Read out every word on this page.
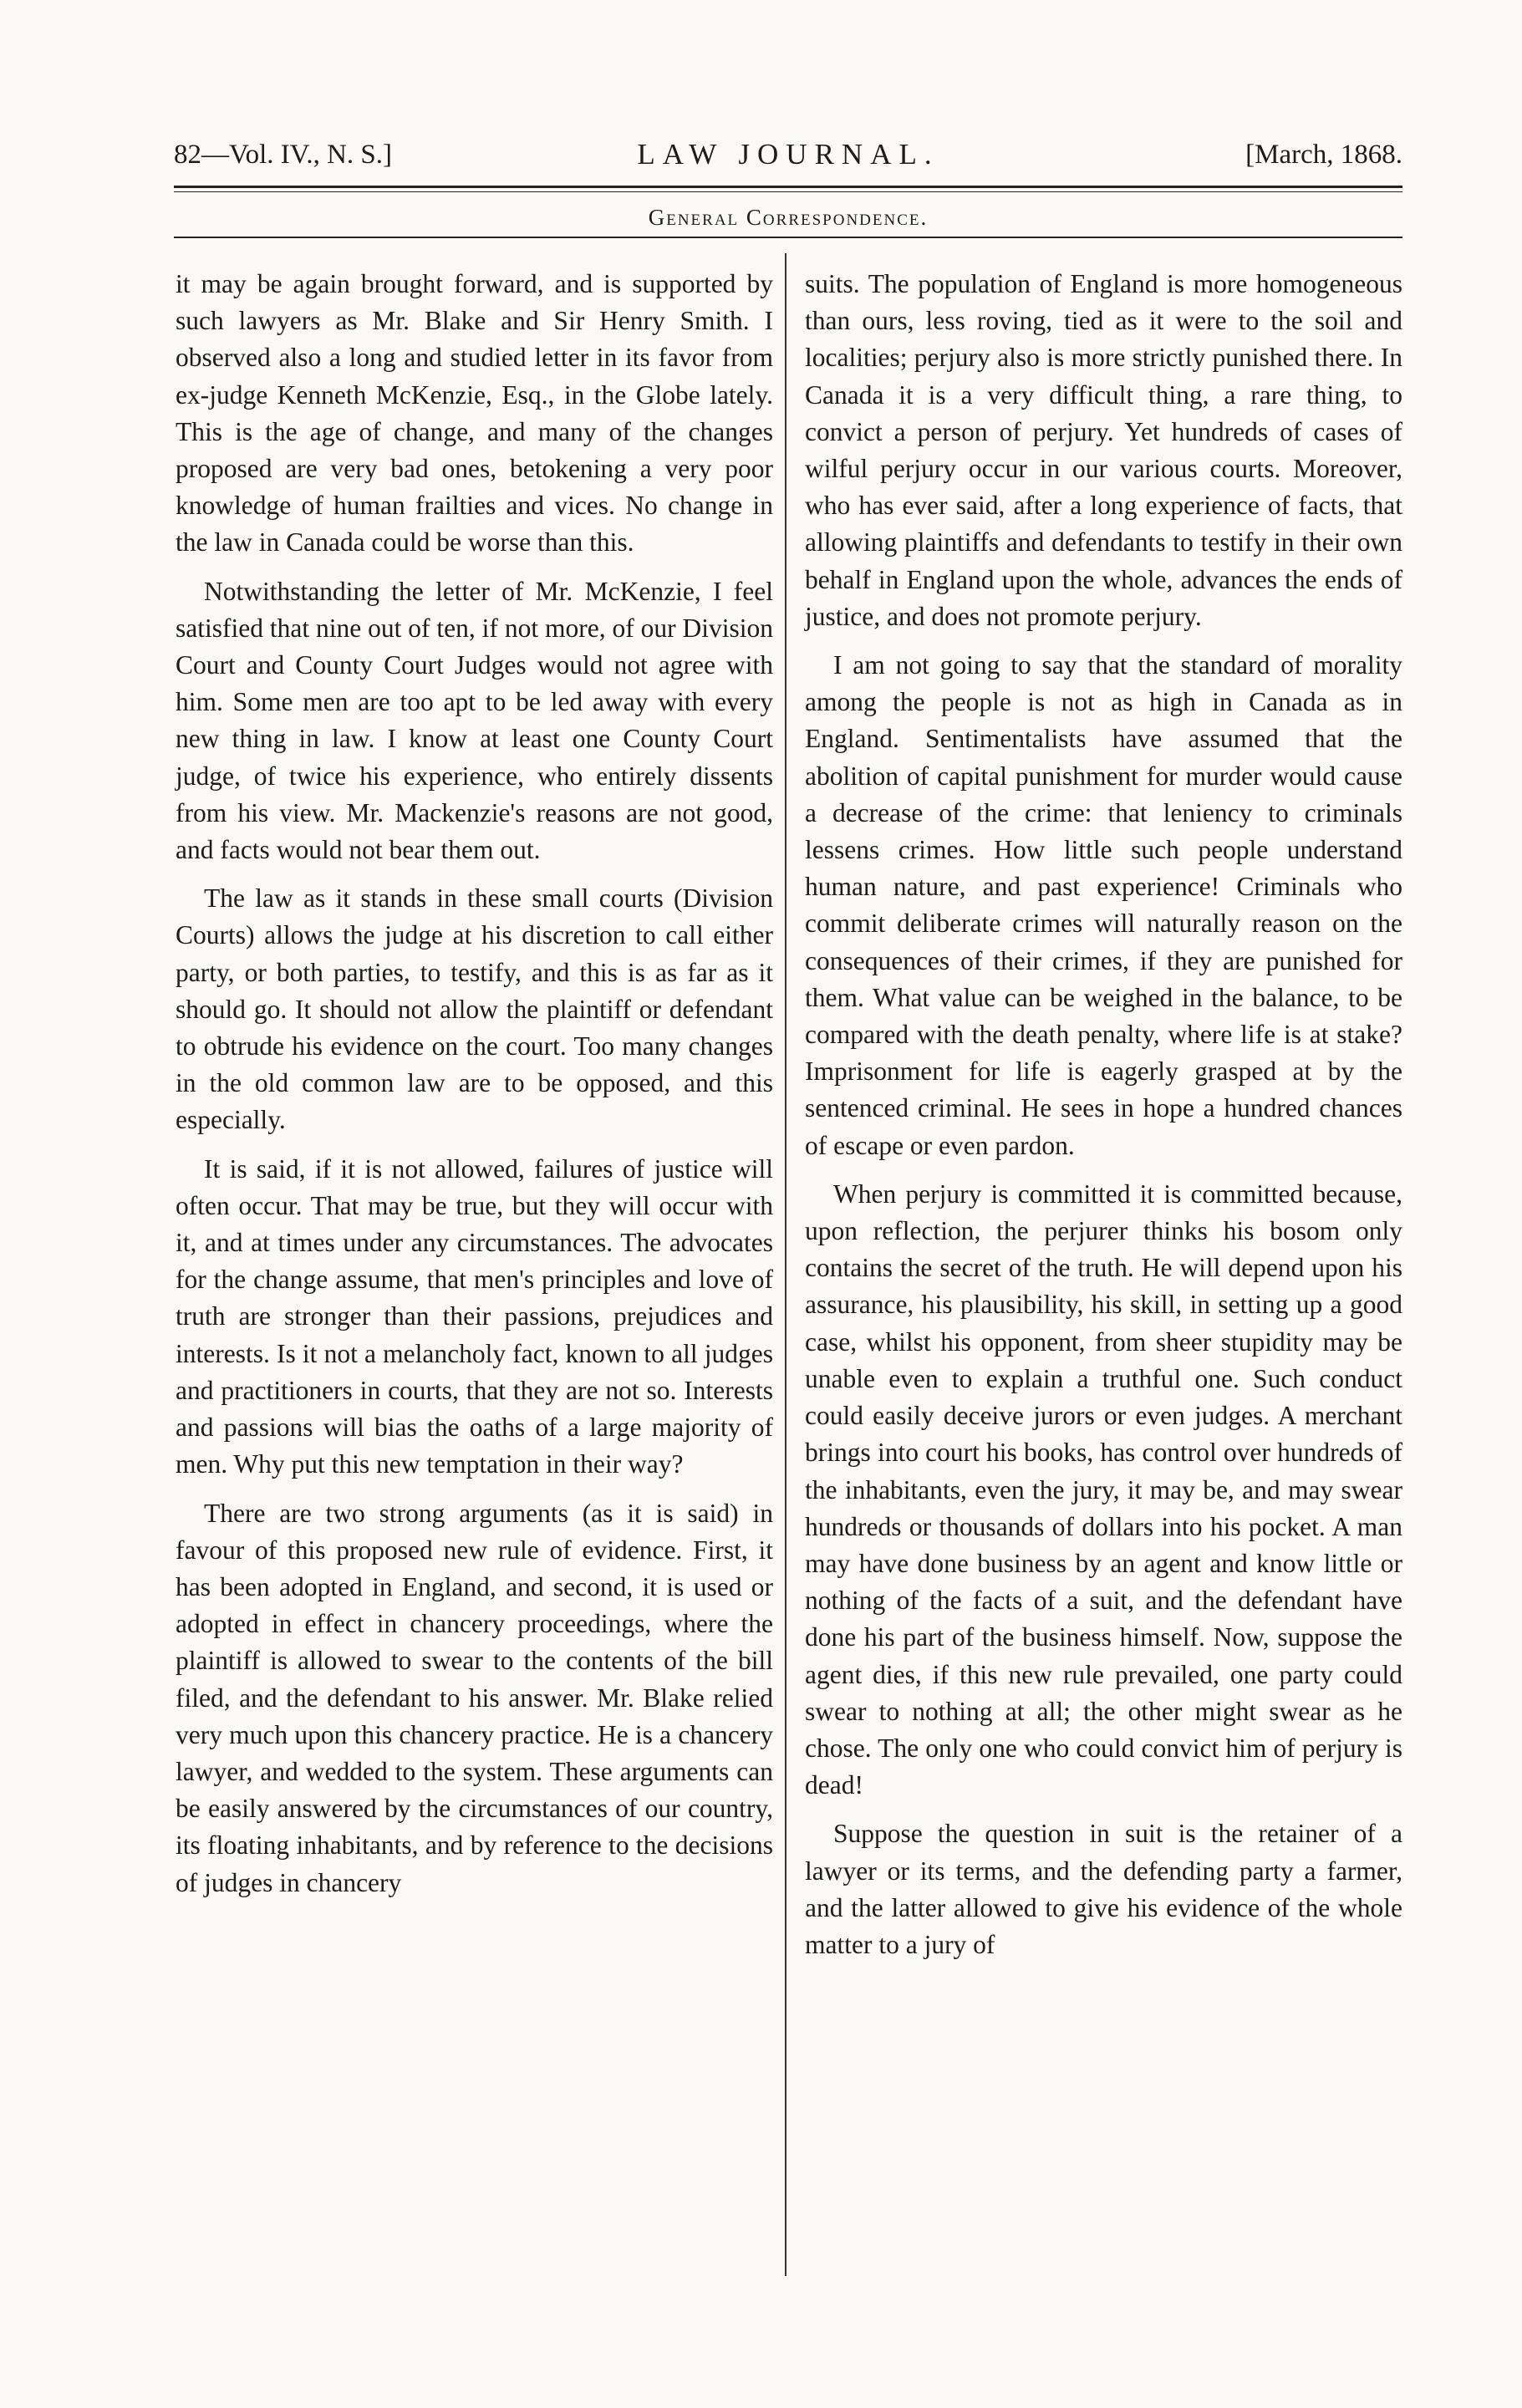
82—Vol. IV., N. S.]	LAW JOURNAL.	[March, 1868.
General Correspondence.

it may be again brought forward, and is supported by such lawyers as Mr. Blake and Sir Henry Smith. I observed also a long and studied letter in its favor from ex-judge Kenneth McKenzie, Esq., in the Globe lately. This is the age of change, and many of the changes proposed are very bad ones, betokening a very poor knowledge of human frailties and vices. No change in the law in Canada could be worse than this.

Notwithstanding the letter of Mr. McKenzie, I feel satisfied that nine out of ten, if not more, of our Division Court and County Court Judges would not agree with him. Some men are too apt to be led away with every new thing in law. I know at least one County Court judge, of twice his experience, who entirely dissents from his view. Mr. Mackenzie's reasons are not good, and facts would not bear them out.

The law as it stands in these small courts (Division Courts) allows the judge at his discretion to call either party, or both parties, to testify, and this is as far as it should go. It should not allow the plaintiff or defendant to obtrude his evidence on the court. Too many changes in the old common law are to be opposed, and this especially.

It is said, if it is not allowed, failures of justice will often occur. That may be true, but they will occur with it, and at times under any circumstances. The advocates for the change assume, that men's principles and love of truth are stronger than their passions, prejudices and interests. Is it not a melancholy fact, known to all judges and practitioners in courts, that they are not so. Interests and passions will bias the oaths of a large majority of men. Why put this new temptation in their way?

There are two strong arguments (as it is said) in favour of this proposed new rule of evidence. First, it has been adopted in England, and second, it is used or adopted in effect in chancery proceedings, where the plaintiff is allowed to swear to the contents of the bill filed, and the defendant to his answer. Mr. Blake relied very much upon this chancery practice. He is a chancery lawyer, and wedded to the system. These arguments can be easily answered by the circumstances of our country, its floating inhabitants, and by reference to the decisions of judges in chancery

suits. The population of England is more homogeneous than ours, less roving, tied as it were to the soil and localities; perjury also is more strictly punished there. In Canada it is a very difficult thing, a rare thing, to convict a person of perjury. Yet hundreds of cases of wilful perjury occur in our various courts. Moreover, who has ever said, after a long experience of facts, that allowing plaintiffs and defendants to testify in their own behalf in England upon the whole, advances the ends of justice, and does not promote perjury.

I am not going to say that the standard of morality among the people is not as high in Canada as in England. Sentimentalists have assumed that the abolition of capital punishment for murder would cause a decrease of the crime: that leniency to criminals lessens crimes. How little such people understand human nature, and past experience! Criminals who commit deliberate crimes will naturally reason on the consequences of their crimes, if they are punished for them. What value can be weighed in the balance, to be compared with the death penalty, where life is at stake? Imprisonment for life is eagerly grasped at by the sentenced criminal. He sees in hope a hundred chances of escape or even pardon.

When perjury is committed it is committed because, upon reflection, the perjurer thinks his bosom only contains the secret of the truth. He will depend upon his assurance, his plausibility, his skill, in setting up a good case, whilst his opponent, from sheer stupidity may be unable even to explain a truthful one. Such conduct could easily deceive jurors or even judges. A merchant brings into court his books, has control over hundreds of the inhabitants, even the jury, it may be, and may swear hundreds or thousands of dollars into his pocket. A man may have done business by an agent and know little or nothing of the facts of a suit, and the defendant have done his part of the business himself. Now, suppose the agent dies, if this new rule prevailed, one party could swear to nothing at all; the other might swear as he chose. The only one who could convict him of perjury is dead!

Suppose the question in suit is the retainer of a lawyer or its terms, and the defending party a farmer, and the latter allowed to give his evidence of the whole matter to a jury of
